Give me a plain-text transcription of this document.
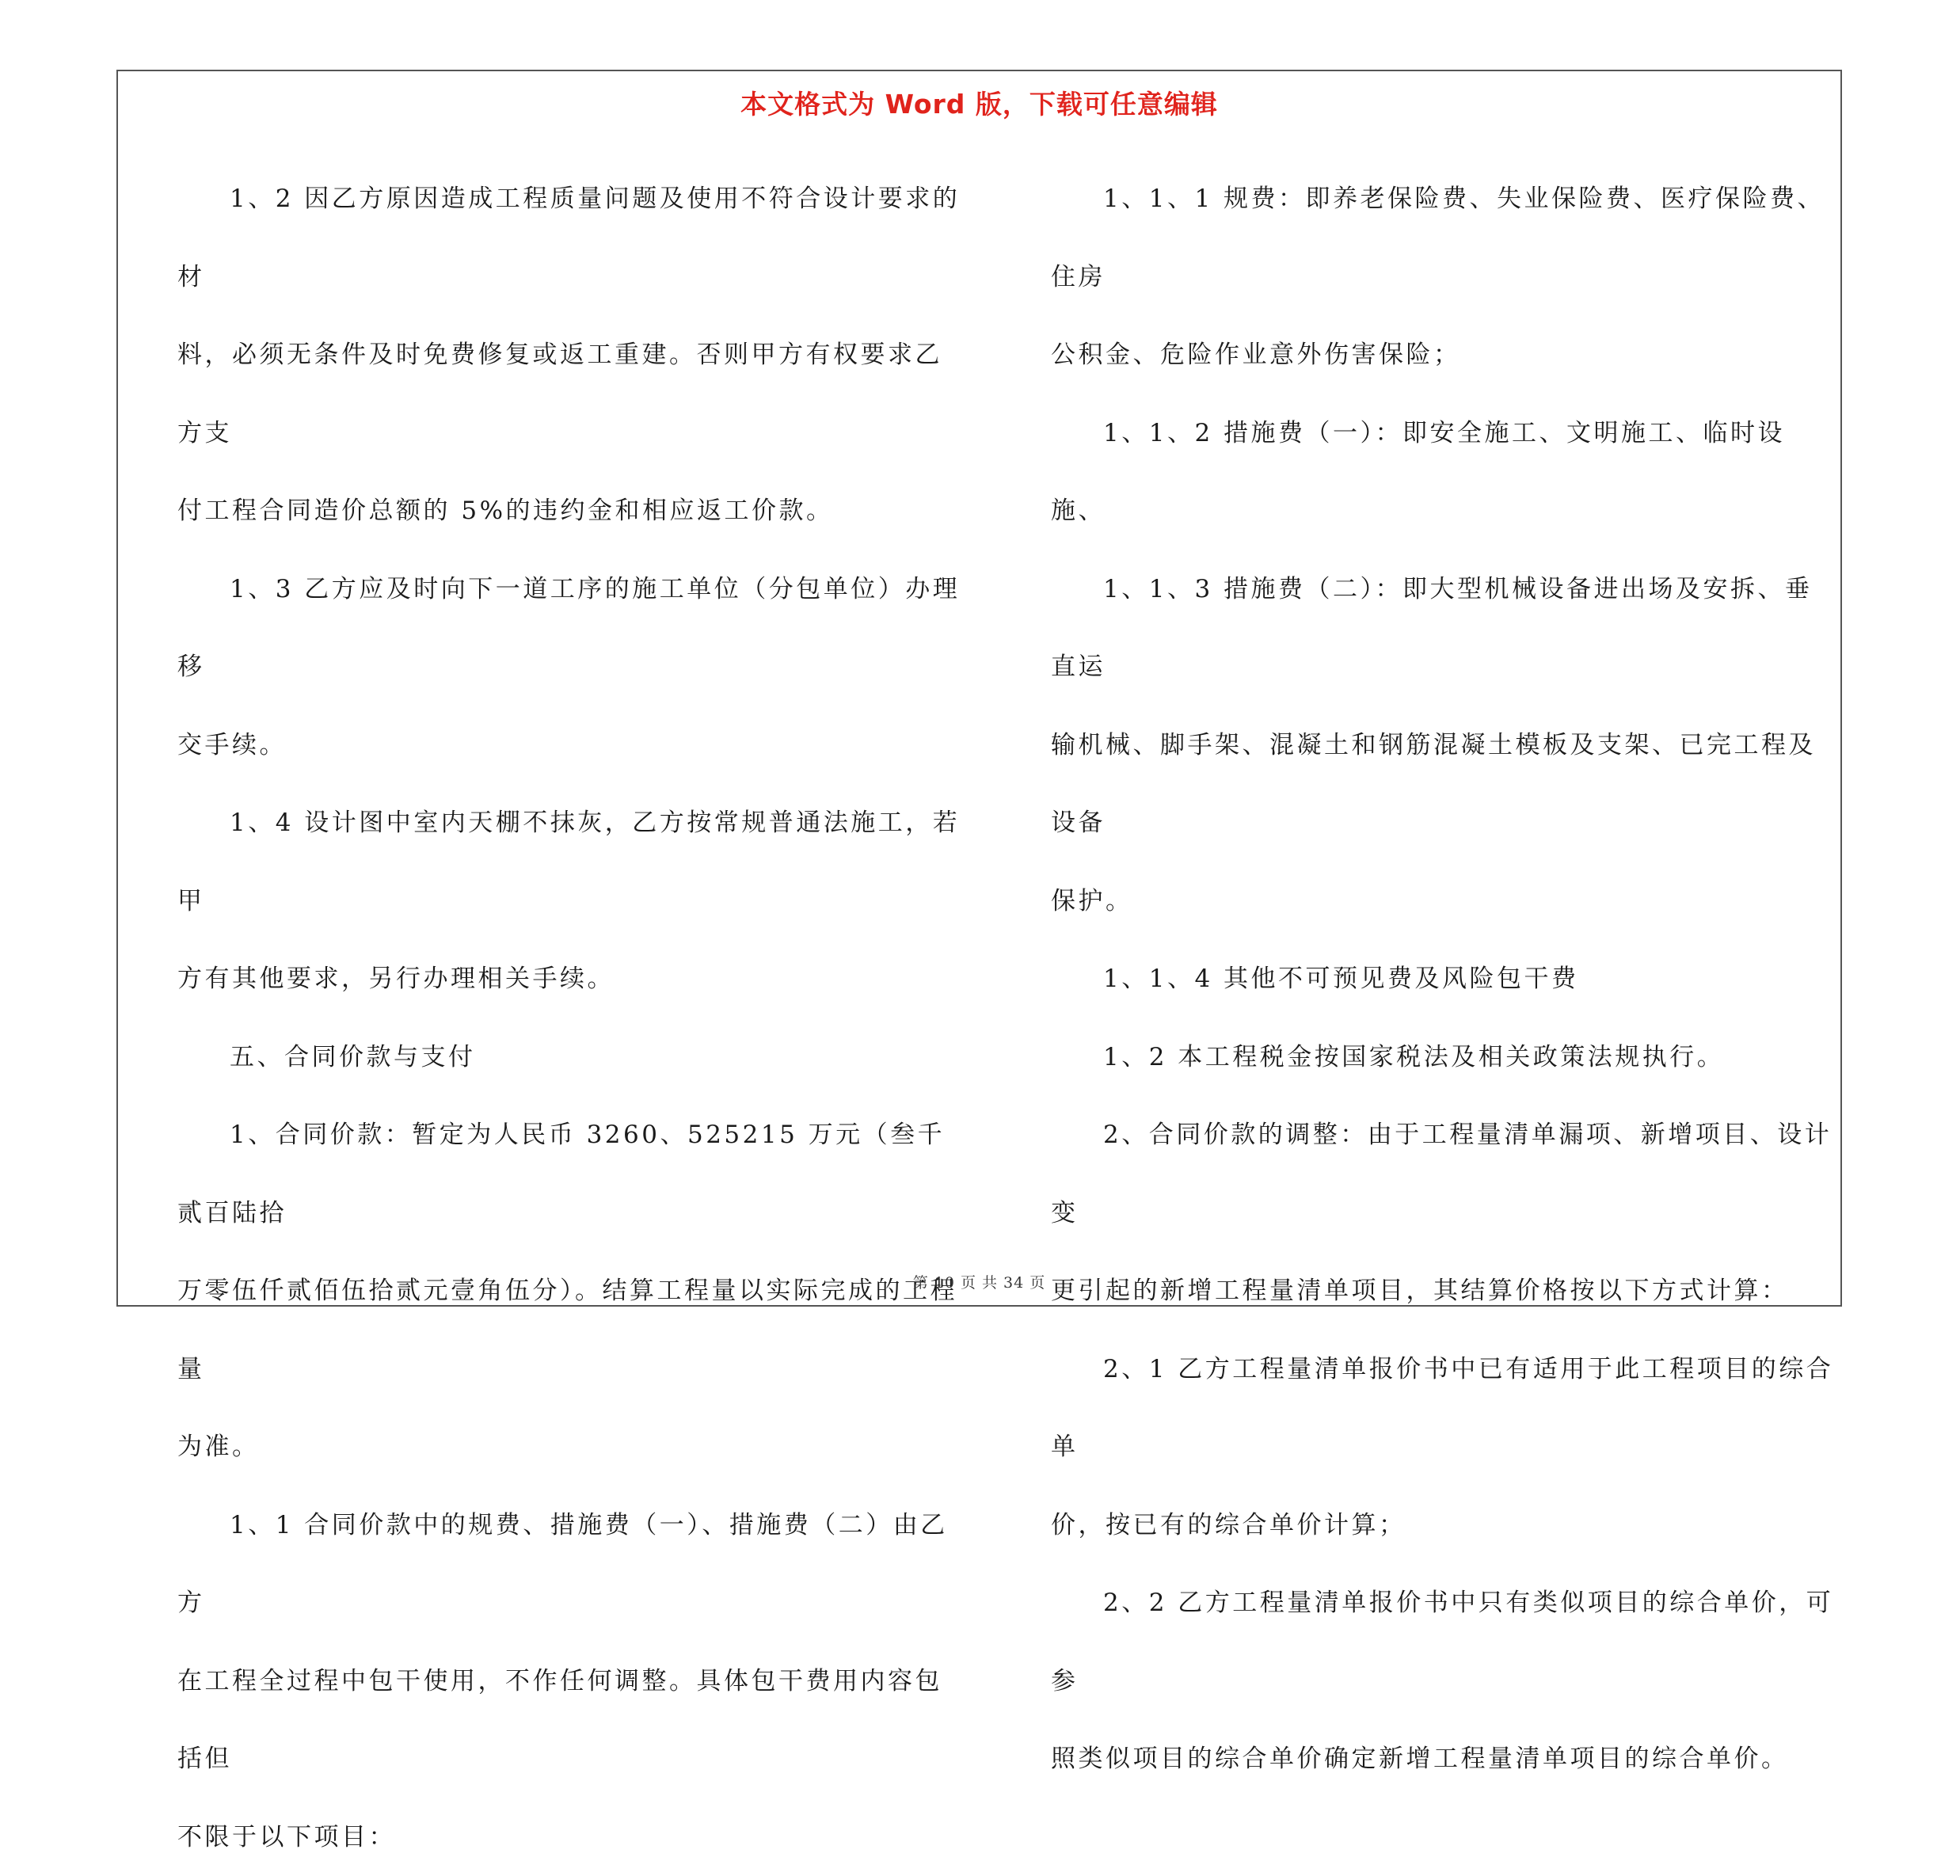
本文格式为 Word 版，下载可任意编辑

1、2 因乙方原因造成工程质量问题及使用不符合设计要求的材

料，必须无条件及时免费修复或返工重建。否则甲方有权要求乙方支

付工程合同造价总额的 5%的违约金和相应返工价款。

1、3 乙方应及时向下一道工序的施工单位（分包单位）办理移

交手续。

1、4 设计图中室内天棚不抹灰，乙方按常规普通法施工，若甲

方有其他要求，另行办理相关手续。

五、合同价款与支付

1、合同价款：暂定为人民币 3260、525215 万元（叁千贰百陆拾

万零伍仟贰佰伍拾贰元壹角伍分）。结算工程量以实际完成的工程量

为准。

1、1 合同价款中的规费、措施费（一）、措施费（二）由乙方

在工程全过程中包干使用，不作任何调整。具体包干费用内容包括但

不限于以下项目：

1、1、1 规费：即养老保险费、失业保险费、医疗保险费、住房

公积金、危险作业意外伤害保险；

1、1、2 措施费（一）：即安全施工、文明施工、临时设施、

1、1、3 措施费（二）：即大型机械设备进出场及安拆、垂直运

输机械、脚手架、混凝土和钢筋混凝土模板及支架、已完工程及设备

保护。

1、1、4 其他不可预见费及风险包干费

1、2 本工程税金按国家税法及相关政策法规执行。

2、合同价款的调整：由于工程量清单漏项、新增项目、设计变

更引起的新增工程量清单项目，其结算价格按以下方式计算：

2、1 乙方工程量清单报价书中已有适用于此工程项目的综合单

价，按已有的综合单价计算；

2、2 乙方工程量清单报价书中只有类似项目的综合单价，可参

照类似项目的综合单价确定新增工程量清单项目的综合单价。

第 10 页 共 34 页
